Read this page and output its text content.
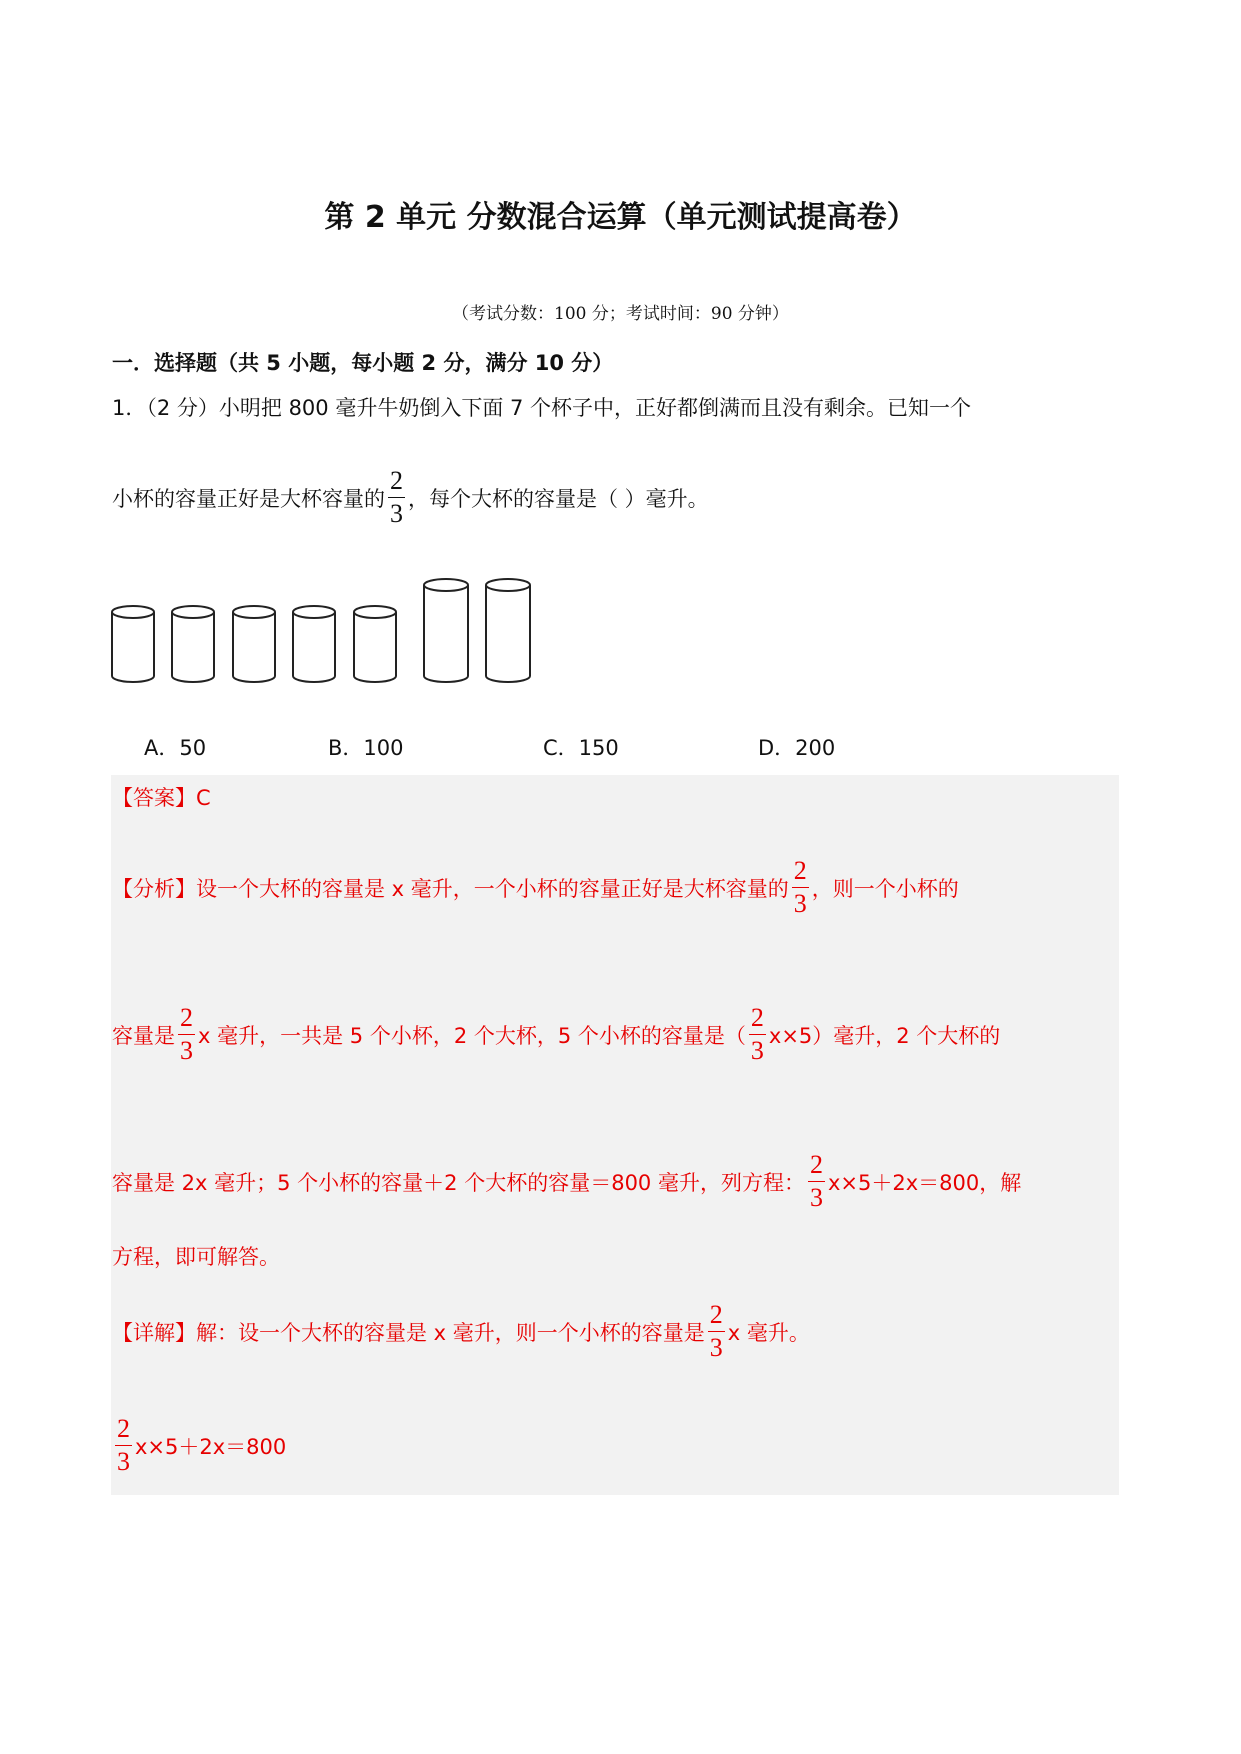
第 2 单元 分数混合运算（单元测试提高卷）
（考试分数：100 分；考试时间：90 分钟）
一．选择题（共 5 小题，每小题 2 分，满分 10 分）
1．（2 分）小明把 800 毫升牛奶倒入下面 7 个杯子中，正好都倒满而且没有剩余。已知一个
小杯的容量正好是大杯容量的 $\frac{2}{3}$ ，每个大杯的容量是（ ）毫升。
A．50	B．100	C．150	D．200
【答案】C
【分析】设一个大杯的容量是 x 毫升，一个小杯的容量正好是大杯容量的 $\frac{2}{3}$ ，则一个小杯的
容量是 $\frac{2}{3}$ x 毫升，一共是 5 个小杯，2 个大杯，5 个小杯的容量是（ $\frac{2}{3} x\times 5$）毫升，2 个大杯的
容量是 2x 毫升；5 个小杯的容量＋2 个大杯的容量＝800 毫升，列方程： $\frac{2}{3} x\times 5+2x=800$，解
方程，即可解答。
【详解】解：设一个大杯的容量是 x 毫升，则一个小杯的容量是 $\frac{2}{3}$ x 毫升。
$\frac{2}{3} x\times 5+2x=800$
